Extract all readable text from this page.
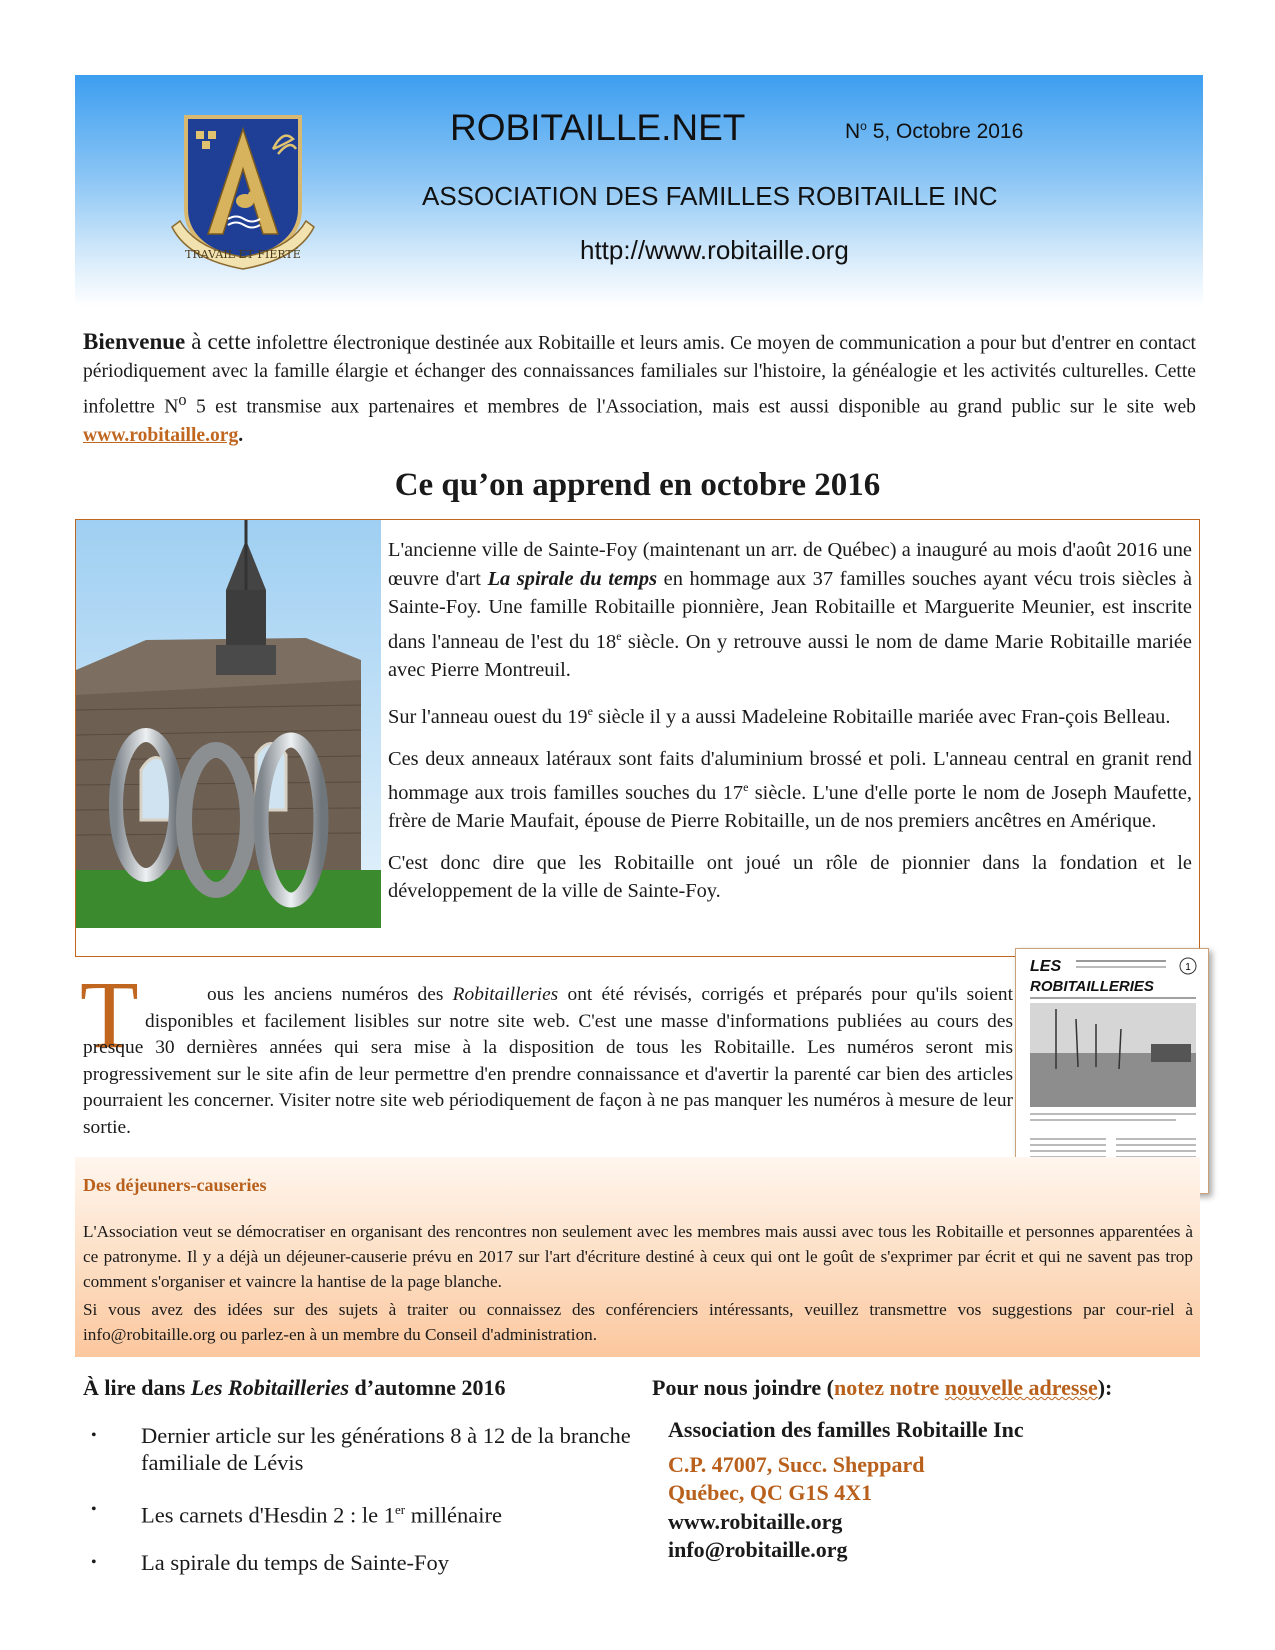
TRAVAIL ET FIERTÉ
ROBITAILLE.NET	$N^o$ 5, Octobre 2016
ASSOCIATION DES FAMILLES ROBITAILLE INC
http://www.robitaille.org
Bienvenue à cette infolettre électronique destinée aux Robitaille et leurs amis. Ce moyen de communication a pour but d'entrer en contact périodiquement avec la famille élargie et échanger des connaissances familiales sur l'histoire, la généalogie et les activités culturelles. Cette infolettre $N^o$ 5 est transmise aux partenaires et membres de l'Association, mais est aussi disponible au grand public sur le site web www.robitaille.org.
Ce qu’on apprend en octobre 2016

L'ancienne ville de Sainte-Foy (maintenant un arr. de Québec) a inauguré au mois d'août 2016 une œuvre d'art La spirale du temps en hommage aux 37 familles souches ayant vécu trois siècles à Sainte-Foy. Une famille Robitaille pionnière, Jean Robitaille et Marguerite Meunier, est inscrite dans l'anneau de l'est du 18e siècle. On y retrouve aussi le nom de dame Marie Robitaille mariée avec Pierre Montreuil.

Sur l'anneau ouest du 19e siècle il y a aussi Madeleine Robitaille mariée avec Fran-çois Belleau.

Ces deux anneaux latéraux sont faits d'aluminium brossé et poli. L'anneau central en granit rend hommage aux trois familles souches du 17e siècle. L'une d'elle porte le nom de Joseph Maufette, frère de Marie Maufait, épouse de Pierre Robitaille, un de nos premiers ancêtres en Amérique.

C'est donc dire que les Robitaille ont joué un rôle de pionnier dans la fondation et le développement de la ville de Sainte-Foy.

T	ous les anciens numéros des Robitailleries ont été révisés, corrigés et préparés pour qu'ils soient disponibles et facilement lisibles sur notre site web. C'est une masse d'informations publiées au cours des presque 30 dernières années qui sera mise à la disposition de tous les Robitaille. Les numéros seront mis progressivement sur le site afin de leur permettre d'en prendre connaissance et d'avertir la parenté car bien des articles pourraient les concerner. Visiter notre site web périodiquement de façon à ne pas manquer les numéros à mesure de leur sortie.
LES
ROBITAILLERIES
1
Des déjeuners-causeries
L'Association veut se démocratiser en organisant des rencontres non seulement avec les membres mais aussi avec tous les Robitaille et personnes apparentées à ce patronyme. Il y a déjà un déjeuner-causerie prévu en 2017 sur l'art d'écriture destiné à ceux qui ont le goût de s'exprimer par écrit et qui ne savent pas trop comment s'organiser et vaincre la hantise de la page blanche.
Si vous avez des idées sur des sujets à traiter ou connaissez des conférenciers intéressants, veuillez transmettre vos suggestions par cour-riel à info@robitaille.org ou parlez-en à un membre du Conseil d'administration.
À lire dans Les Robitailleries d’automne 2016
• Dernier article sur les générations 8 à 12 de la branche familiale de Lévis
• Les carnets d'Hesdin 2 : le 1er millénaire
• La spirale du temps de Sainte-Foy
Pour nous joindre (notez notre nouvelle adresse):
Association des familles Robitaille Inc
C.P. 47007, Succ. Sheppard
Québec, QC G1S 4X1
www.robitaille.org
info@robitaille.org
